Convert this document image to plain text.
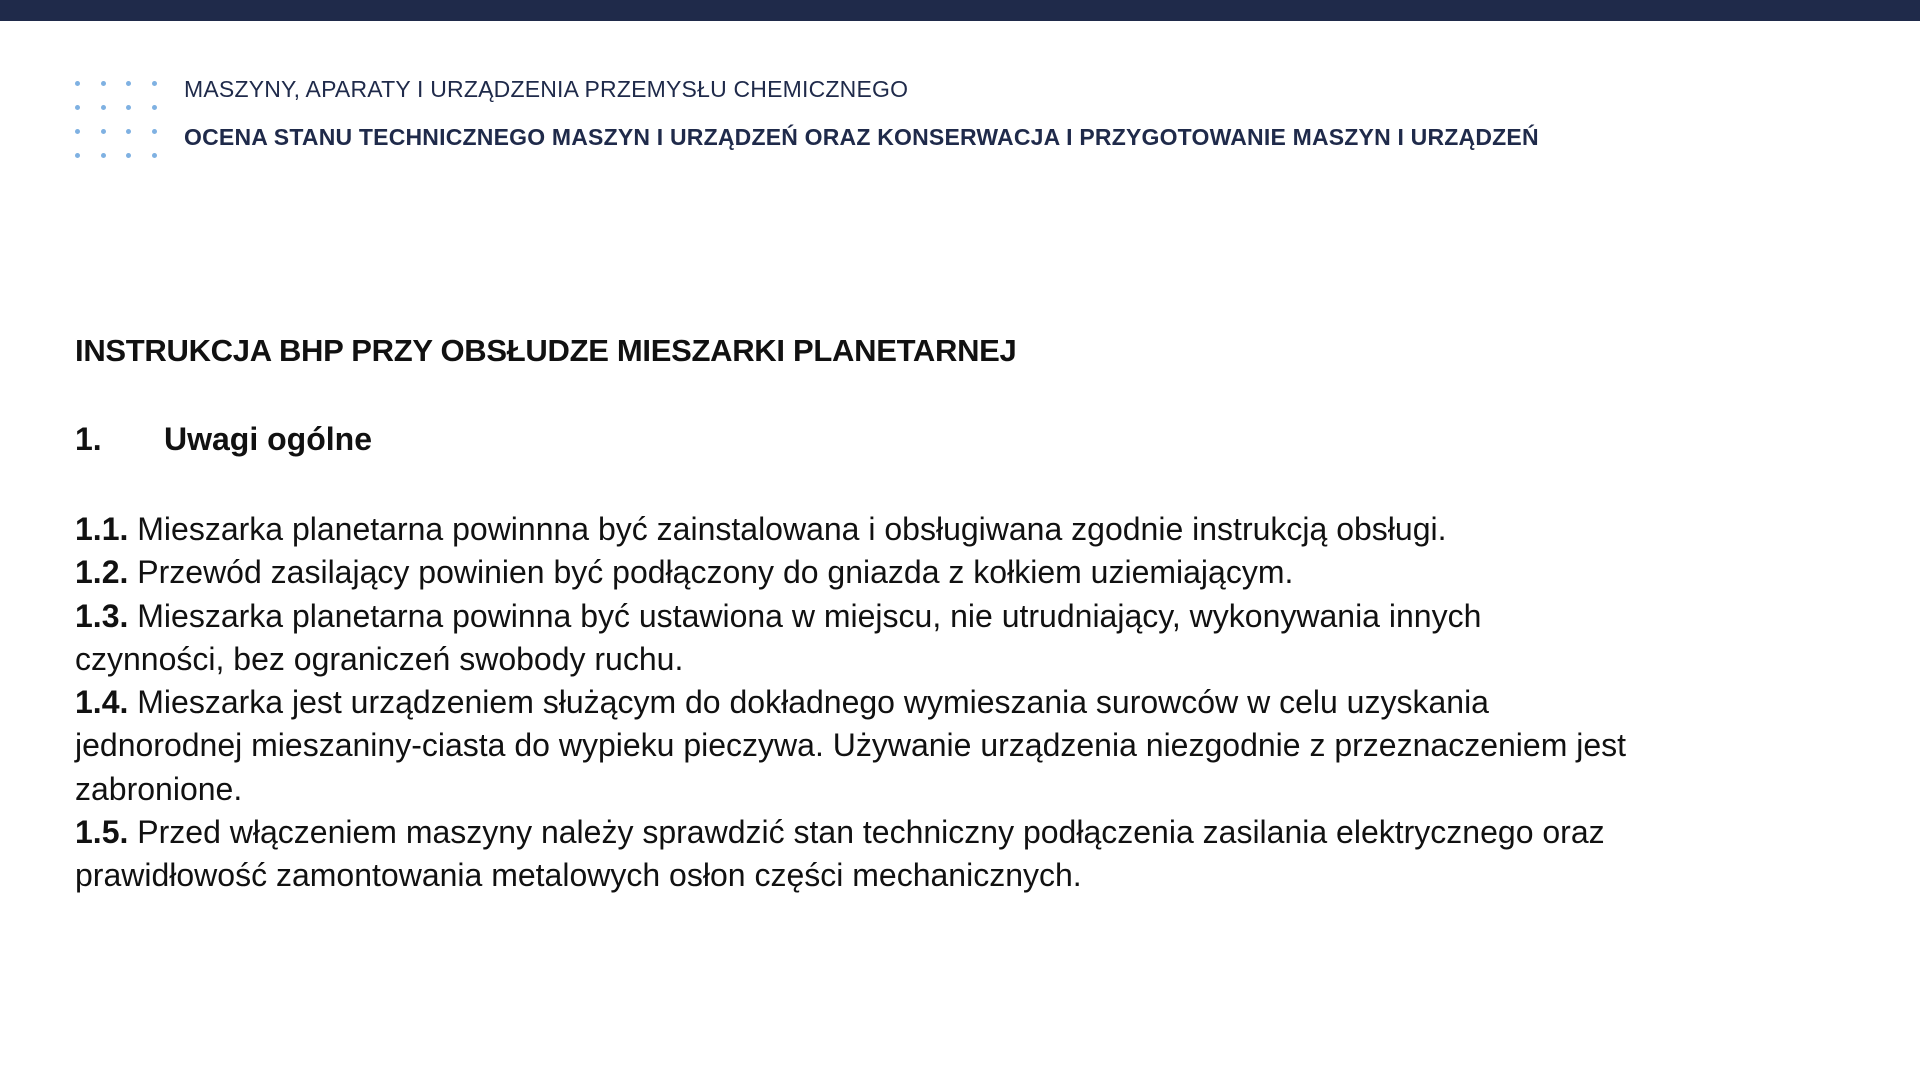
MASZYNY, APARATY I URZĄDZENIA PRZEMYSŁU CHEMICZNEGO
OCENA STANU TECHNICZNEGO MASZYN I URZĄDZEŃ ORAZ KONSERWACJA I PRZYGOTOWANIE MASZYN I URZĄDZEŃ
INSTRUKCJA BHP PRZY OBSŁUDZE MIESZARKI PLANETARNEJ
1. Uwagi ogólne
1.1. Mieszarka planetarna powinnna być zainstalowana i obsługiwana zgodnie instrukcją obsługi.
1.2. Przewód zasilający powinien być podłączony do gniazda z kołkiem uziemiającym.
1.3. Mieszarka planetarna powinna być ustawiona w miejscu, nie utrudniający, wykonywania innych
czynności, bez ograniczeń swobody ruchu.
1.4. Mieszarka jest urządzeniem służącym do dokładnego wymieszania surowców w celu uzyskania
jednorodnej mieszaniny-ciasta do wypieku pieczywa. Używanie urządzenia niezgodnie z przeznaczeniem jest
zabronione.
1.5. Przed włączeniem maszyny należy sprawdzić stan techniczny podłączenia zasilania elektrycznego oraz
prawidłowość zamontowania metalowych osłon części mechanicznych.
